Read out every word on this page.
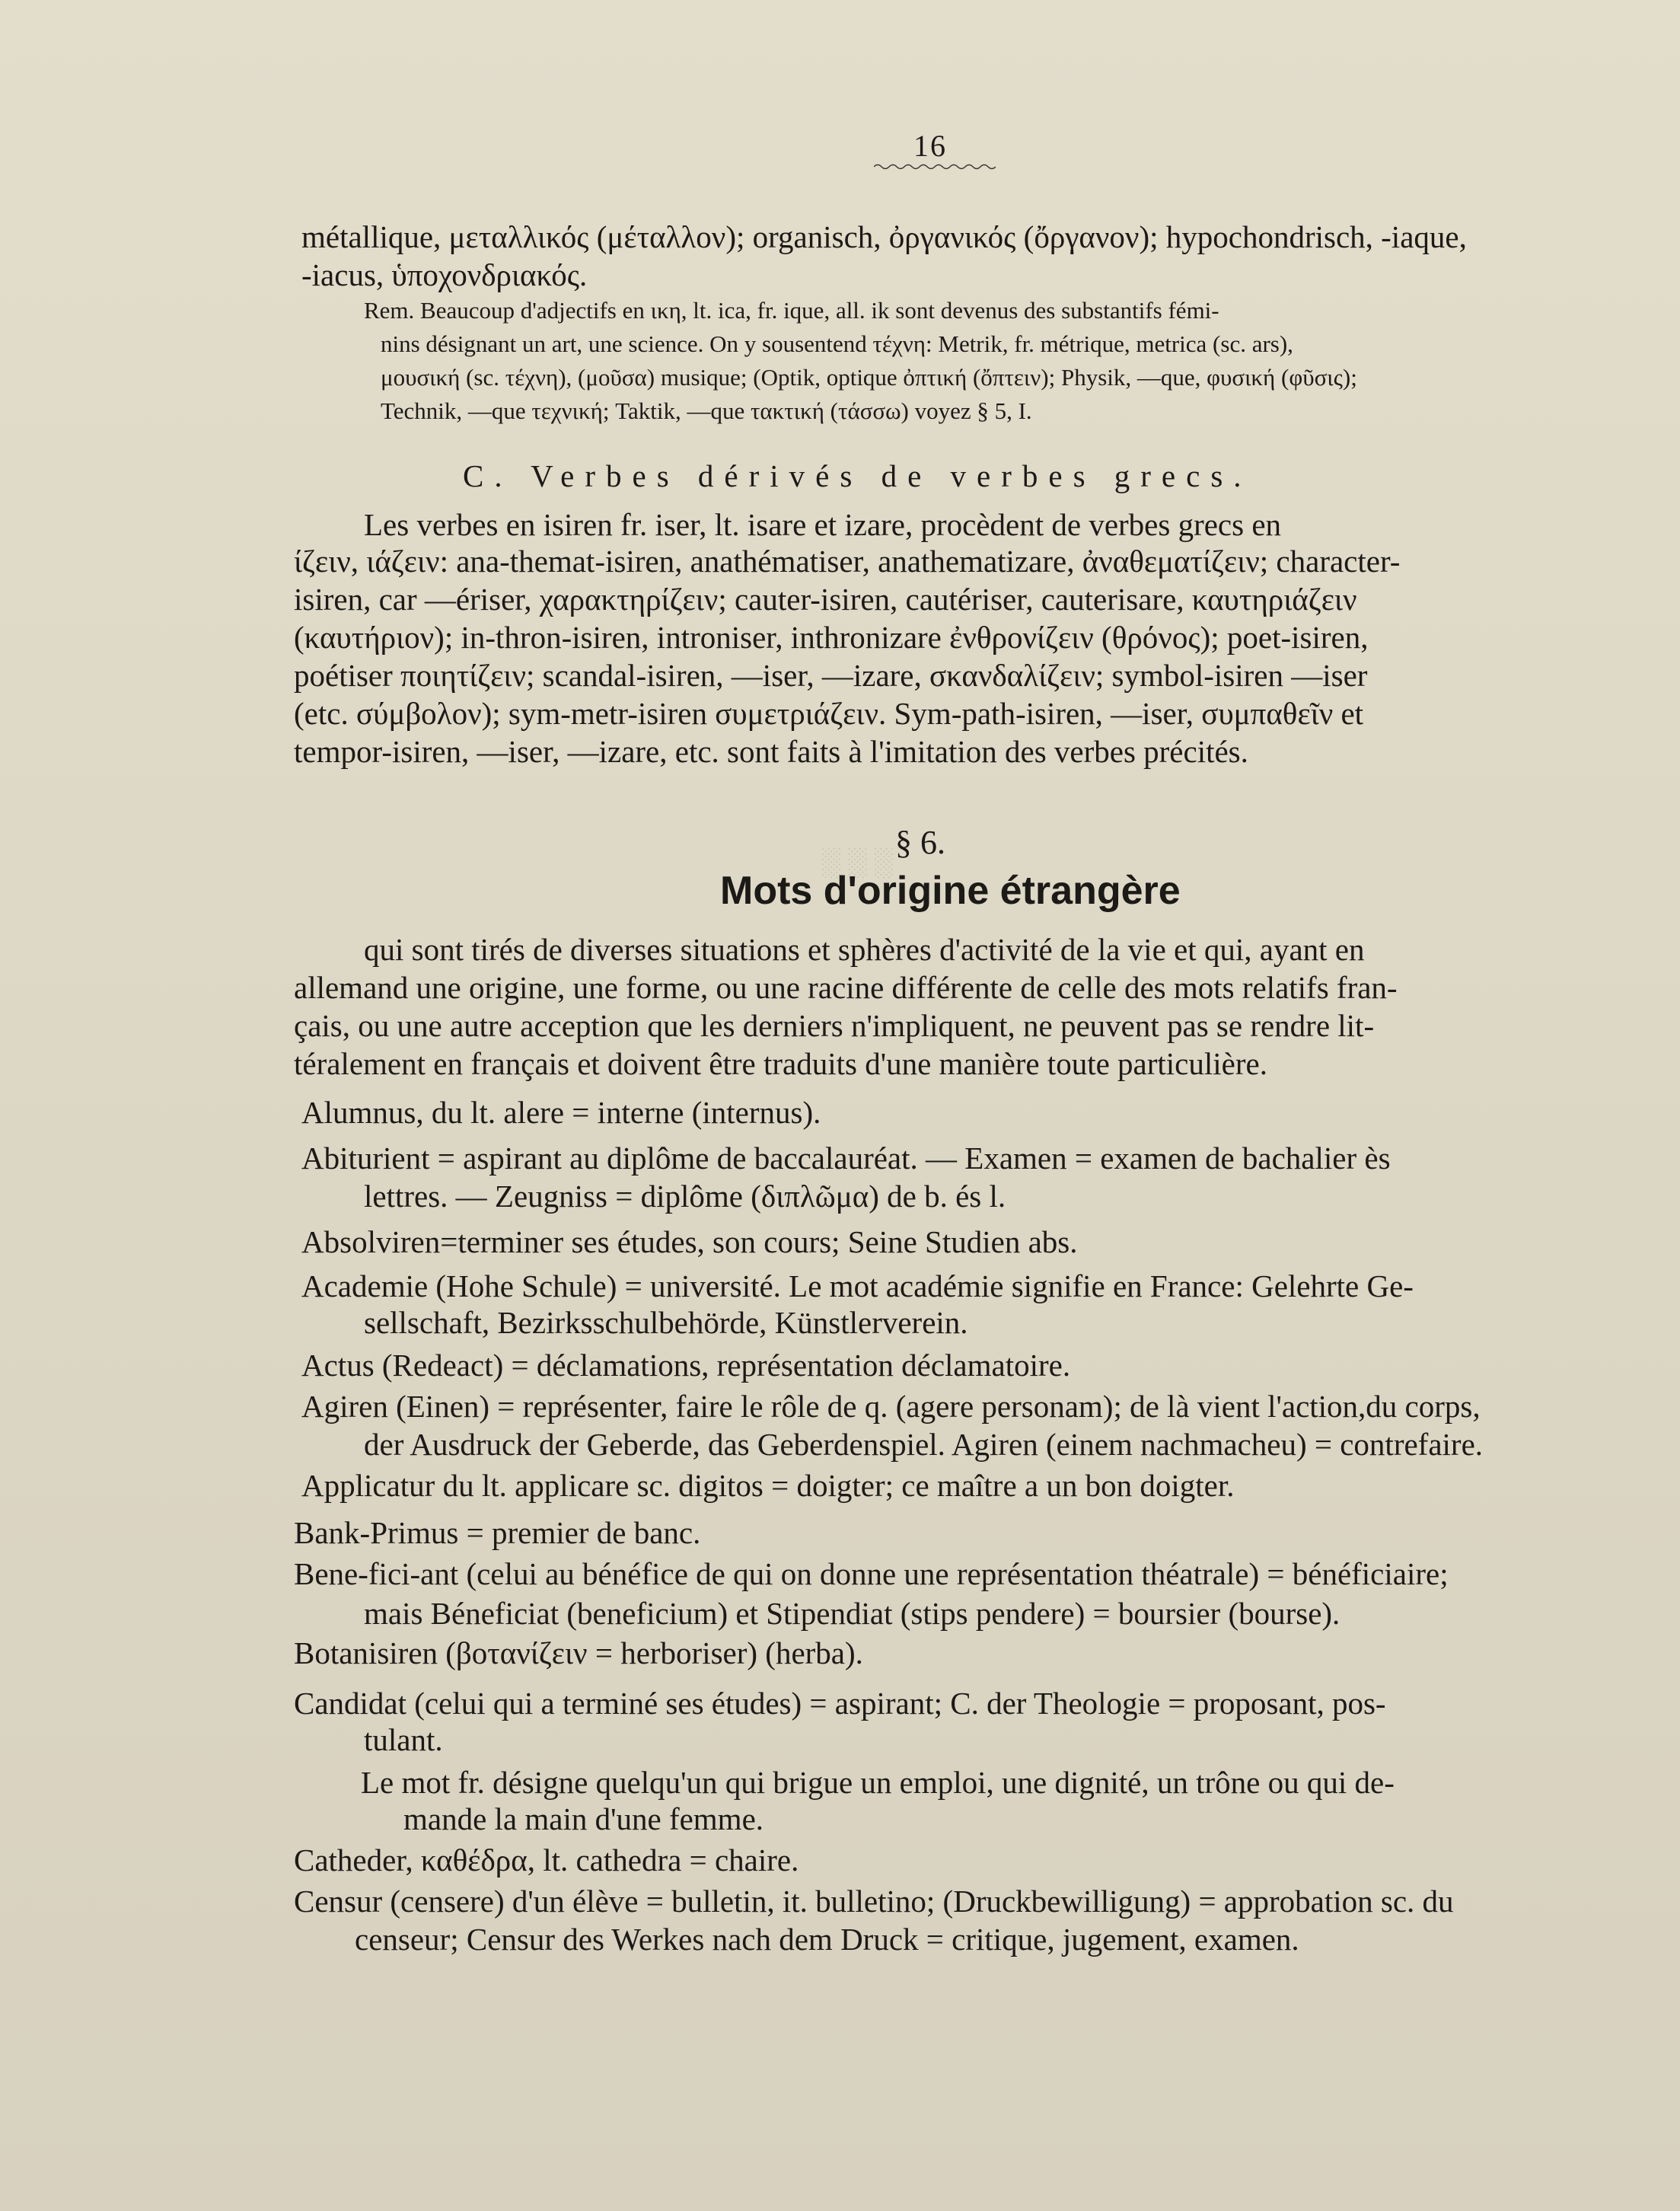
16
░ ░ ░
métallique, μεταλλικός (μέταλλον); organisch, ὀργανικός (ὄργανον); hypochondrisch, -iaque,
-iacus, ὑποχονδριακός.
Rem. Beaucoup d'adjectifs en ικη, lt. ica, fr. ique, all. ik sont devenus des substantifs fémi-
nins désignant un art, une science. On y sousentend τέχνη: Metrik, fr. métrique, metrica (sc. ars),
μουσική (sc. τέχνη), (μοῦσα) musique; (Optik, optique ὀπτική (ὄπτειν); Physik, —que, φυσική (φῦσις);
Technik, —que τεχνική; Taktik, —que τακτική (τάσσω) voyez § 5, I.
C. Verbes dérivés de verbes grecs.
Les verbes en isiren fr. iser, lt. isare et izare, procèdent de verbes grecs en
ίζειν, ιάζειν: ana-themat-isiren, anathématiser, anathematizare, ἀναθεματίζειν; character-
isiren, car —ériser, χαρακτηρίζειν; cauter-isiren, cautériser, cauterisare, καυτηριάζειν
(καυτήριον); in-thron-isiren, introniser, inthronizare ἐνθρονίζειν (θρόνος); poet-isiren,
poétiser ποιητίζειν; scandal-isiren, —iser, —izare, σκανδαλίζειν; symbol-isiren —iser
(etc. σύμβολον); sym-metr-isiren συμετριάζειν. Sym-path-isiren, —iser, συμπαθεῖν et
tempor-isiren, —iser, —izare, etc. sont faits à l'imitation des verbes précités.
§ 6.
Mots d'origine étrangère
qui sont tirés de diverses situations et sphères d'activité de la vie et qui, ayant en
allemand une origine, une forme, ou une racine différente de celle des mots relatifs fran-
çais, ou une autre acception que les derniers n'impliquent, ne peuvent pas se rendre lit-
téralement en français et doivent être traduits d'une manière toute particulière.
Alumnus, du lt. alere = interne (internus).
Abiturient = aspirant au diplôme de baccalauréat. — Examen = examen de bachalier ès
lettres. — Zeugniss = diplôme (διπλῶμα) de b. és l.
Absolviren=terminer ses études, son cours; Seine Studien abs.
Academie (Hohe Schule) = université. Le mot académie signifie en France: Gelehrte Ge-
sellschaft, Bezirksschulbehörde, Künstlerverein.
Actus (Redeact) = déclamations, représentation déclamatoire.
Agiren (Einen) = représenter, faire le rôle de q. (agere personam); de là vient l'action,du corps,
der Ausdruck der Geberde, das Geberdenspiel. Agiren (einem nachmacheu) = contrefaire.
Applicatur du lt. applicare sc. digitos = doigter; ce maître a un bon doigter.
Bank-Primus = premier de banc.
Bene-fici-ant (celui au bénéfice de qui on donne une représentation théatrale) = bénéficiaire;
mais Béneficiat (beneficium) et Stipendiat (stips pendere) = boursier (bourse).
Botanisiren (βοτανίζειν = herboriser) (herba).
Candidat (celui qui a terminé ses études) = aspirant; C. der Theologie = proposant, pos-
tulant.
Le mot fr. désigne quelqu'un qui brigue un emploi, une dignité, un trône ou qui de-
mande la main d'une femme.
Catheder, καθέδρα, lt. cathedra = chaire.
Censur (censere) d'un élève = bulletin, it. bulletino; (Druckbewilligung) = approbation sc. du
censeur; Censur des Werkes nach dem Druck = critique, jugement, examen.
